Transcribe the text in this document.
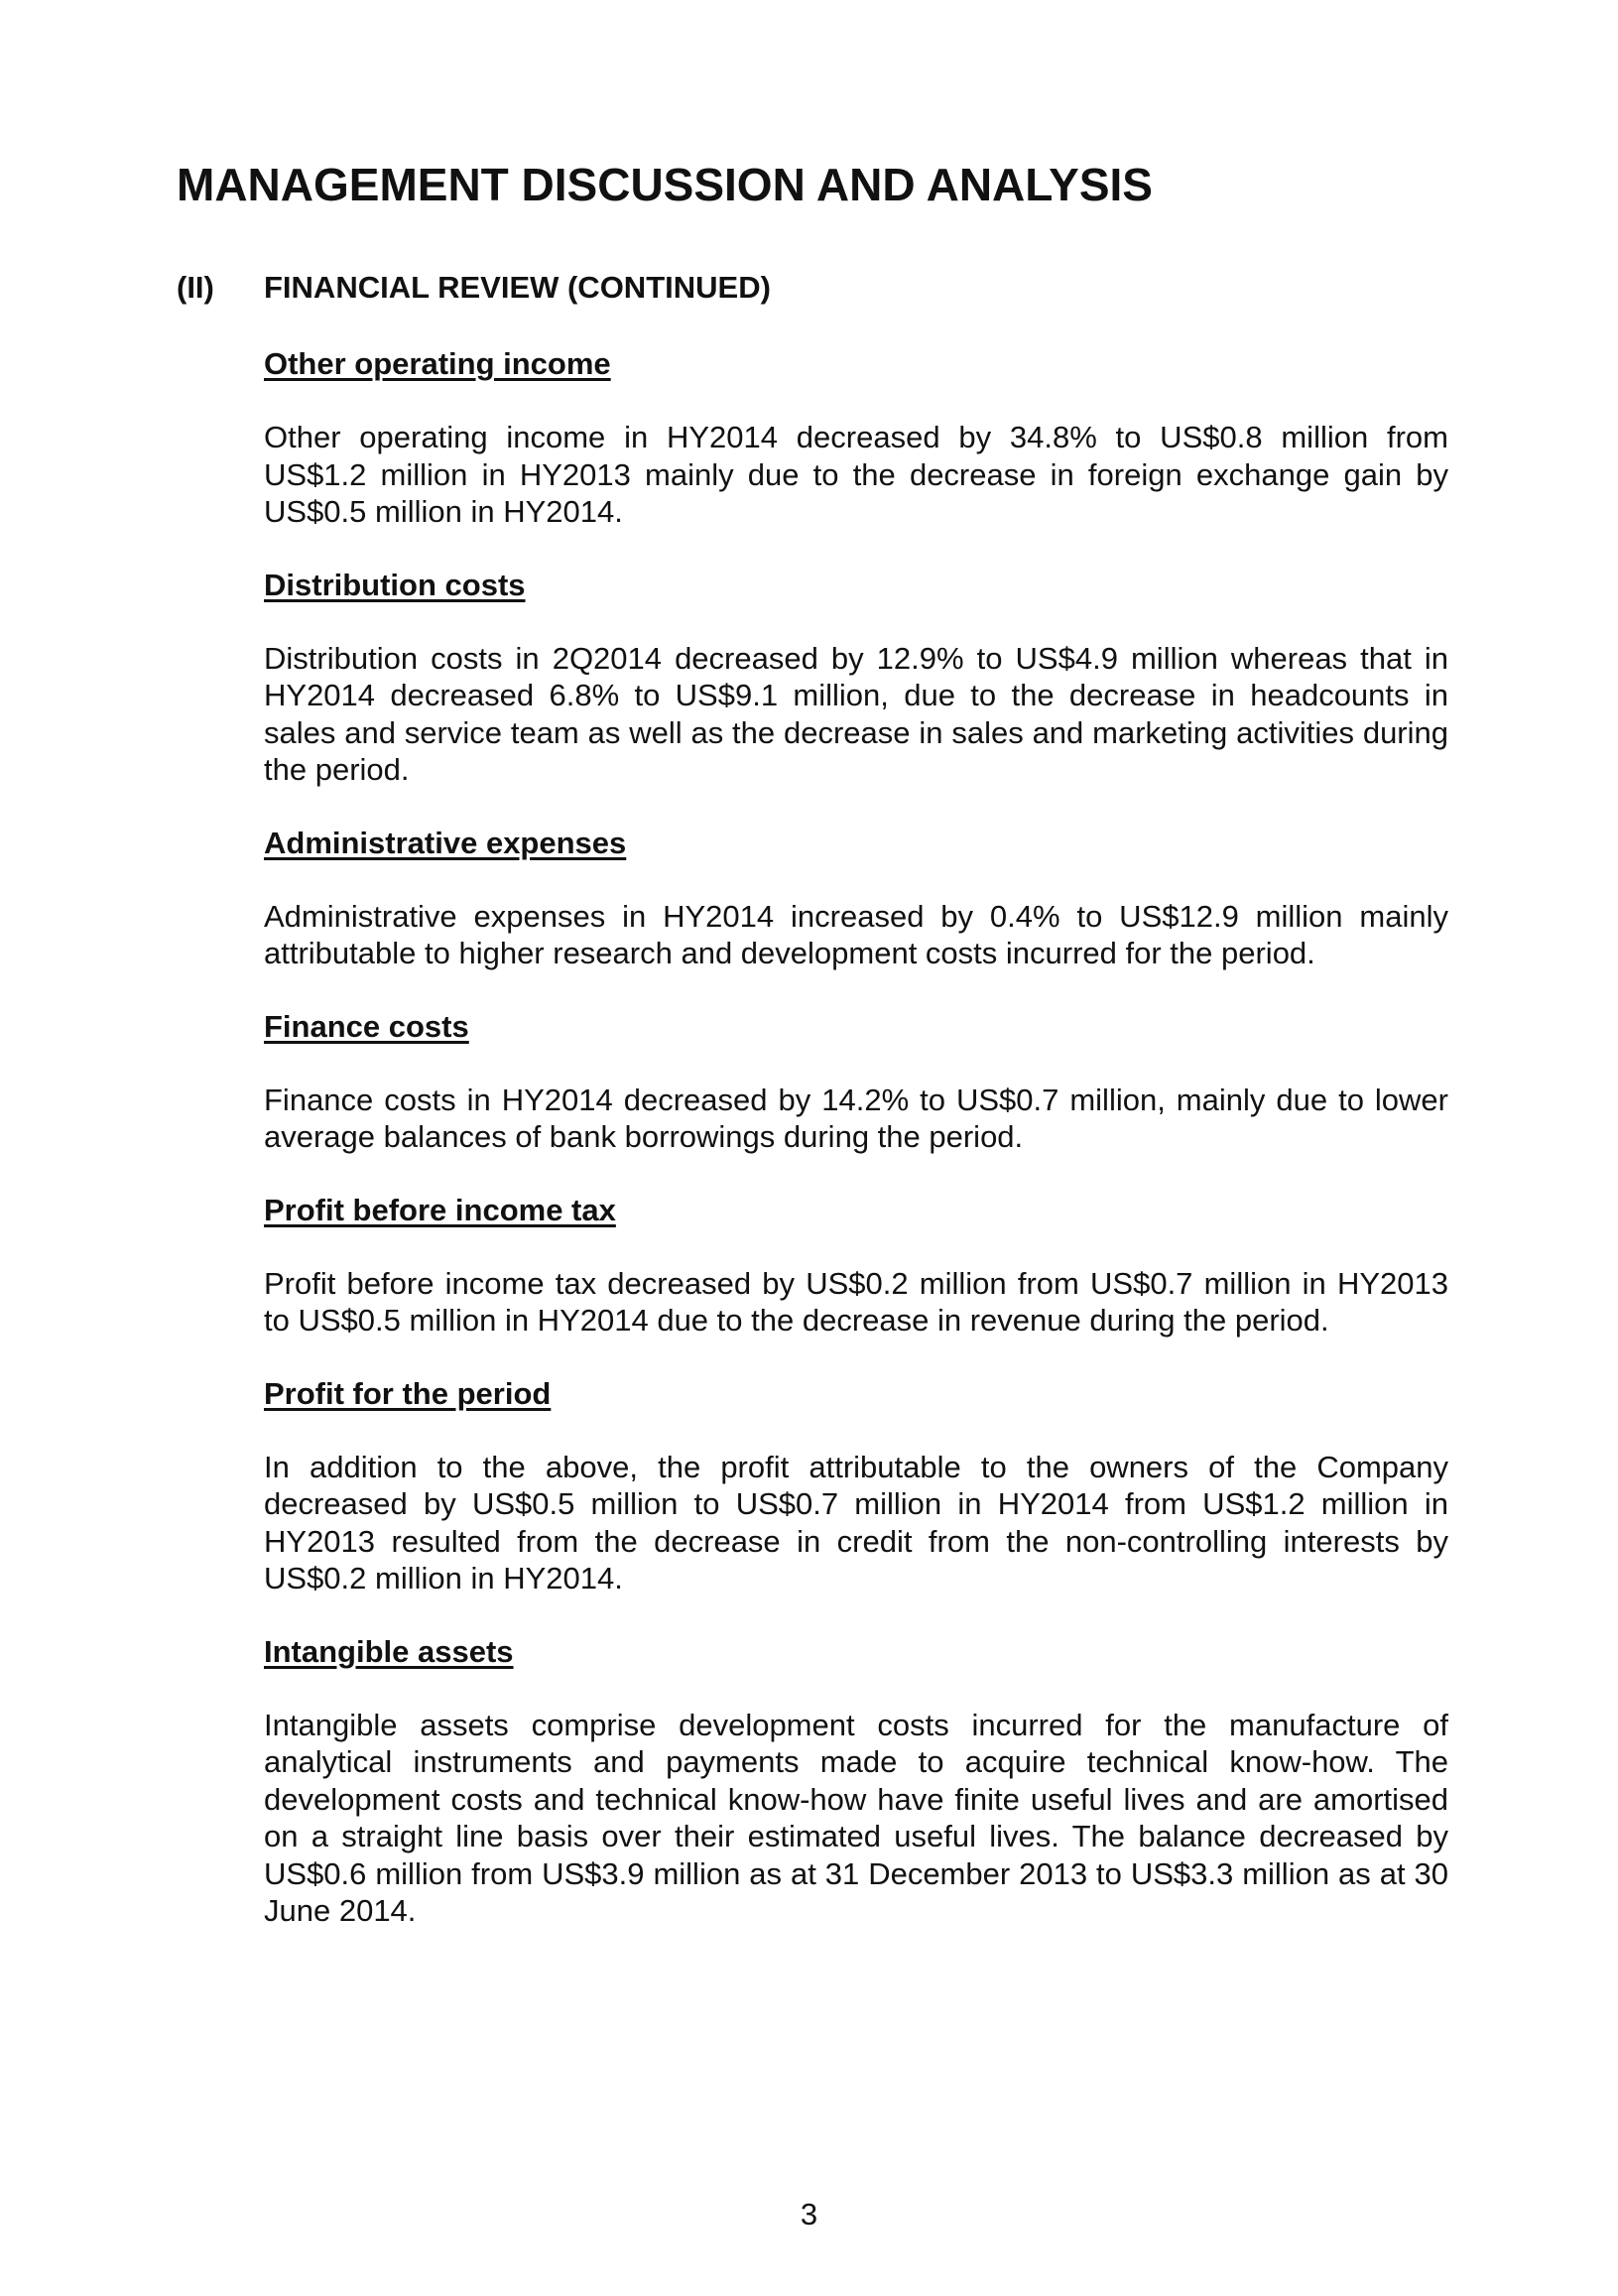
MANAGEMENT DISCUSSION AND ANALYSIS
(II) FINANCIAL REVIEW (CONTINUED)

Other operating income

Other operating income in HY2014 decreased by 34.8% to US$0.8 million from US$1.2 million in HY2013 mainly due to the decrease in foreign exchange gain by US$0.5 million in HY2014.

Distribution costs

Distribution costs in 2Q2014 decreased by 12.9% to US$4.9 million whereas that in HY2014 decreased 6.8% to US$9.1 million, due to the decrease in headcounts in sales and service team as well as the decrease in sales and marketing activities during the period.

Administrative expenses

Administrative expenses in HY2014 increased by 0.4% to US$12.9 million mainly attributable to higher research and development costs incurred for the period.

Finance costs

Finance costs in HY2014 decreased by 14.2% to US$0.7 million, mainly due to lower average balances of bank borrowings during the period.

Profit before income tax

Profit before income tax decreased by US$0.2 million from US$0.7 million in HY2013 to US$0.5 million in HY2014 due to the decrease in revenue during the period.

Profit for the period

In addition to the above, the profit attributable to the owners of the Company decreased by US$0.5 million to US$0.7 million in HY2014 from US$1.2 million in HY2013 resulted from the decrease in credit from the non-controlling interests by US$0.2 million in HY2014.

Intangible assets

Intangible assets comprise development costs incurred for the manufacture of analytical instruments and payments made to acquire technical know-how. The development costs and technical know-how have finite useful lives and are amortised on a straight line basis over their estimated useful lives. The balance decreased by US$0.6 million from US$3.9 million as at 31 December 2013 to US$3.3 million as at 30 June 2014.

3
